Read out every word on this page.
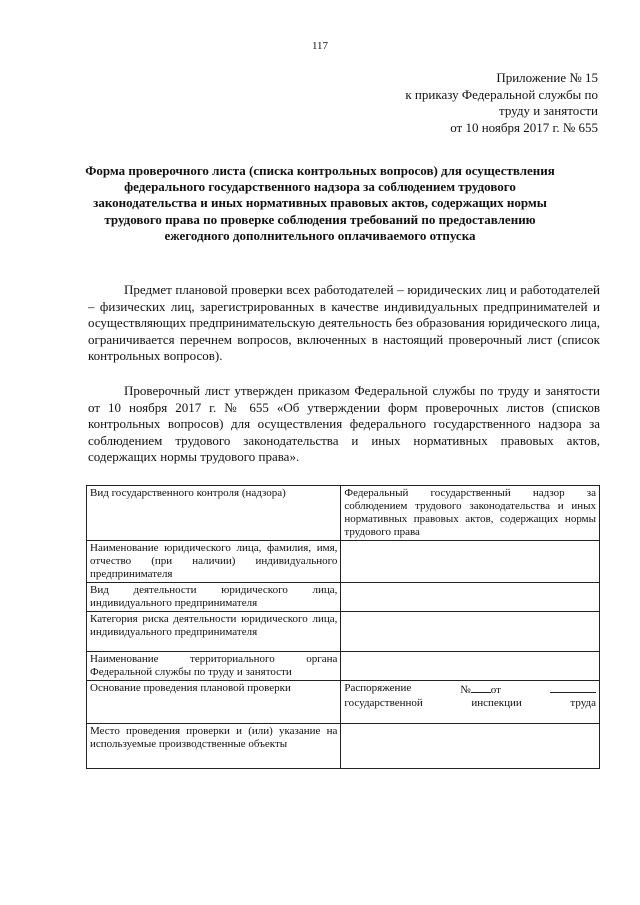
117
Приложение № 15
к приказу Федеральной службы по
труду и занятости
от 10 ноября 2017 г. № 655
Форма проверочного листа (списка контрольных вопросов) для осуществления федерального государственного надзора за соблюдением трудового законодательства и иных нормативных правовых актов, содержащих нормы трудового права по проверке соблюдения требований по предоставлению ежегодного дополнительного оплачиваемого отпуска
Предмет плановой проверки всех работодателей – юридических лиц и работодателей – физических лиц, зарегистрированных в качестве индивидуальных предпринимателей и осуществляющих предпринимательскую деятельность без образования юридического лица, ограничивается перечнем вопросов, включенных в настоящий проверочный лист (список контрольных вопросов).
Проверочный лист утвержден приказом Федеральной службы по труду и занятости от 10 ноября 2017 г. № 655 «Об утверждении форм проверочных листов (списков контрольных вопросов) для осуществления федерального государственного надзора за соблюдением трудового законодательства и иных нормативных правовых актов, содержащих нормы трудового права».
Вид государственного контроля (надзора)	Федеральный государственный надзор за соблюдением трудового законодательства и иных нормативных правовых актов, содержащих нормы трудового права
Наименование юридического лица, фамилия, имя, отчество (при наличии) индивидуального предпринимателя	
Вид деятельности юридического лица, индивидуального предпринимателя	
Категория риска деятельности юридического лица, индивидуального предпринимателя	
Наименование территориального органа Федеральной службы по труду и занятости	
Основание проведения плановой проверки	Распоряжение № от
государственной инспекции труда

Место проведения проверки и (или) указание на используемые производственные объекты	
